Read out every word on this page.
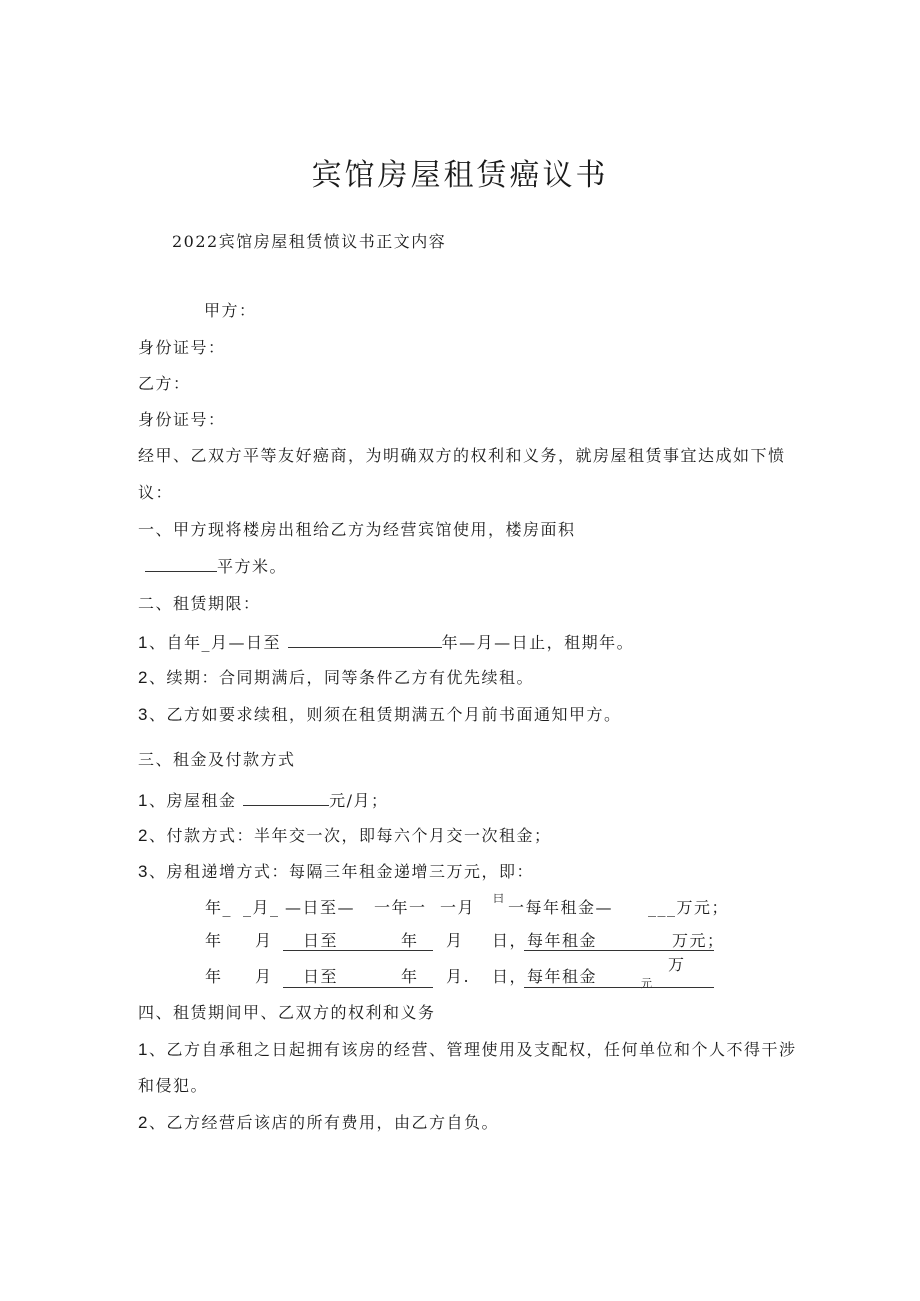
宾馆房屋租赁癌议书
2022宾馆房屋租赁愤议书正文内容
甲方：
身份证号：
乙方：
身份证号：
经甲、乙双方平等友好癌商，为明确双方的权利和义务，就房屋租赁事宜达成如下愤
议：
一、甲方现将楼房出租给乙方为经营宾馆使用，楼房面积
平方米。
二、租赁期限：
1、自年_月—日至	年—月—日止，租期年。
2、续期：合同期满后，同等条件乙方有优先续租。
3、乙方如要求续租，则须在租赁期满五个月前书面通知甲方。
三、租金及付款方式
1、房屋租金	元/月；
2、付款方式：半年交一次，即每六个月交一次租金；
3、房租递增方式：每隔三年租金递增三万元，即：
年_ _月_ —日至— 一年一 一月 曰 一每年租金— ___万元；
年 月 日至	年 月 日， 每年租金	万元；
年 月 日至	年 月. 日， 每年租金
万
元
四、租赁期间甲、乙双方的权利和义务
1、乙方自承租之日起拥有该房的经营、管理使用及支配权，任何单位和个人不得干涉
和侵犯。
2、乙方经营后该店的所有费用，由乙方自负。
